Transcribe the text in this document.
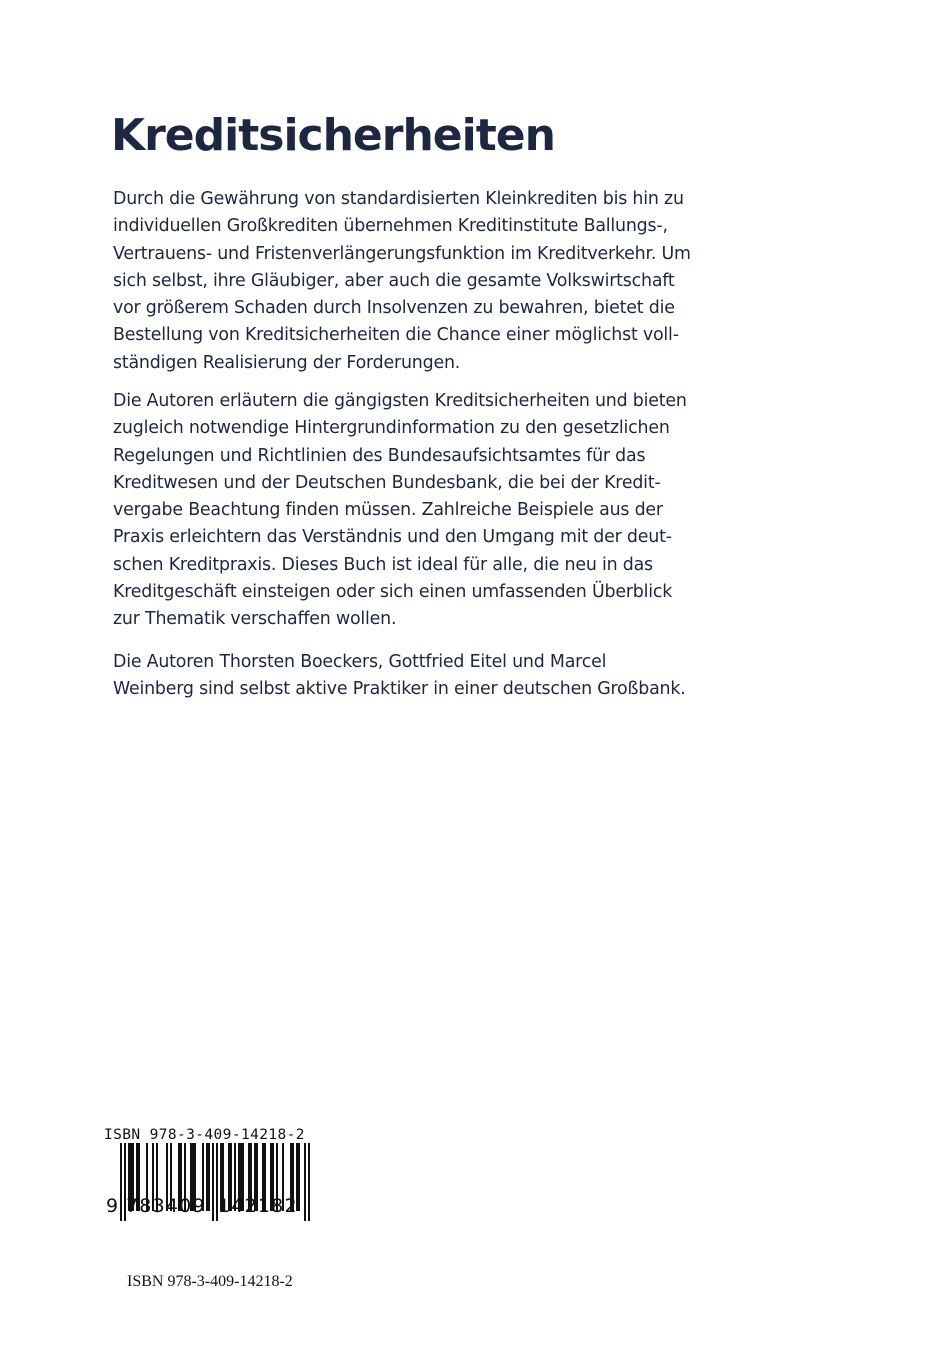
Kreditsicherheiten

Durch die Gewährung von standardisierten Kleinkrediten bis hin zu
individuellen Großkrediten übernehmen Kreditinstitute Ballungs-,
Vertrauens- und Fristenverlängerungsfunktion im Kreditverkehr. Um
sich selbst, ihre Gläubiger, aber auch die gesamte Volkswirtschaft
vor größerem Schaden durch Insolvenzen zu bewahren, bietet die
Bestellung von Kreditsicherheiten die Chance einer möglichst voll-
ständigen Realisierung der Forderungen.

Die Autoren erläutern die gängigsten Kreditsicherheiten und bieten
zugleich notwendige Hintergrundinformation zu den gesetzlichen
Regelungen und Richtlinien des Bundesaufsichtsamtes für das
Kreditwesen und der Deutschen Bundesbank, die bei der Kredit-
vergabe Beachtung finden müssen. Zahlreiche Beispiele aus der
Praxis erleichtern das Verständnis und den Umgang mit der deut-
schen Kreditpraxis. Dieses Buch ist ideal für alle, die neu in das
Kreditgeschäft einsteigen oder sich einen umfassenden Überblick
zur Thematik verschaffen wollen.

Die Autoren Thorsten Boeckers, Gottfried Eitel und Marcel
Weinberg sind selbst aktive Praktiker in einer deutschen Großbank.

ISBN 978-3-409-14218-2
9 783409 142182

ISBN 978-3-409-14218-2
